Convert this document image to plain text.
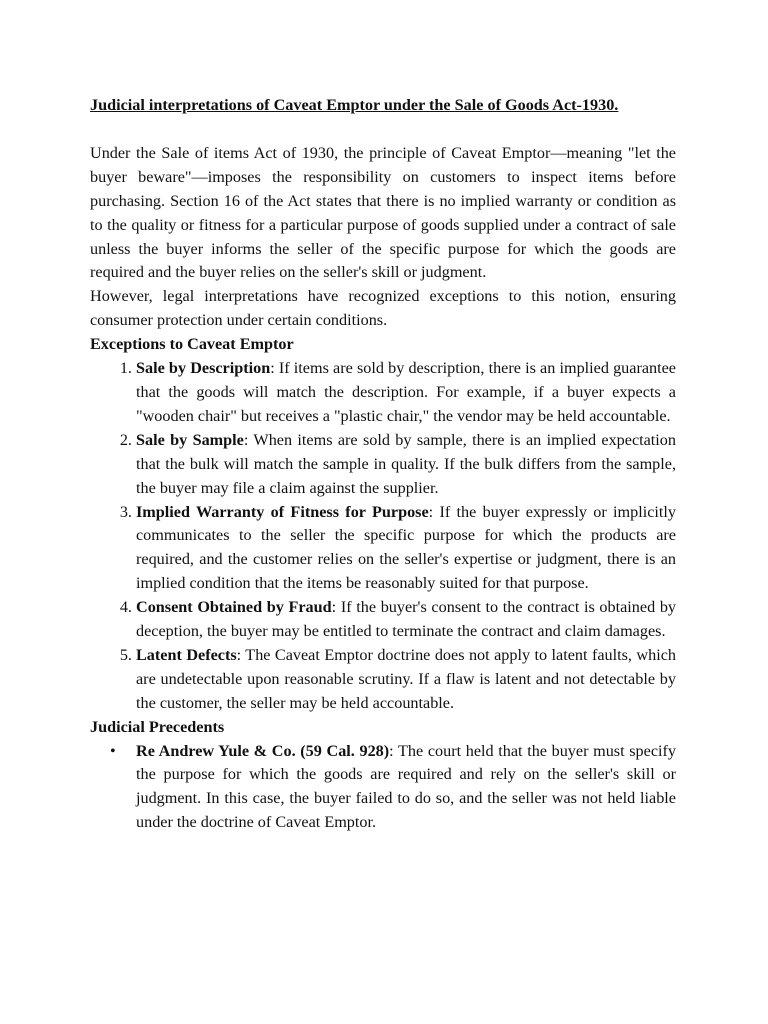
Judicial interpretations of Caveat Emptor under the Sale of Goods Act-1930.

Under the Sale of items Act of 1930, the principle of Caveat Emptor—meaning "let the buyer beware"—imposes the responsibility on customers to inspect items before purchasing. Section 16 of the Act states that there is no implied warranty or condition as to the quality or fitness for a particular purpose of goods supplied under a contract of sale unless the buyer informs the seller of the specific purpose for which the goods are required and the buyer relies on the seller's skill or judgment.

However, legal interpretations have recognized exceptions to this notion, ensuring consumer protection under certain conditions.

Exceptions to Caveat Emptor

1. Sale by Description: If items are sold by description, there is an implied guarantee that the goods will match the description. For example, if a buyer expects a "wooden chair" but receives a "plastic chair," the vendor may be held accountable.
2. Sale by Sample: When items are sold by sample, there is an implied expectation that the bulk will match the sample in quality. If the bulk differs from the sample, the buyer may file a claim against the supplier.
3. Implied Warranty of Fitness for Purpose: If the buyer expressly or implicitly communicates to the seller the specific purpose for which the products are required, and the customer relies on the seller's expertise or judgment, there is an implied condition that the items be reasonably suited for that purpose.
4. Consent Obtained by Fraud: If the buyer's consent to the contract is obtained by deception, the buyer may be entitled to terminate the contract and claim damages.
5. Latent Defects: The Caveat Emptor doctrine does not apply to latent faults, which are undetectable upon reasonable scrutiny. If a flaw is latent and not detectable by the customer, the seller may be held accountable.

Judicial Precedents

• Re Andrew Yule & Co. (59 Cal. 928): The court held that the buyer must specify the purpose for which the goods are required and rely on the seller's skill or judgment. In this case, the buyer failed to do so, and the seller was not held liable under the doctrine of Caveat Emptor.
